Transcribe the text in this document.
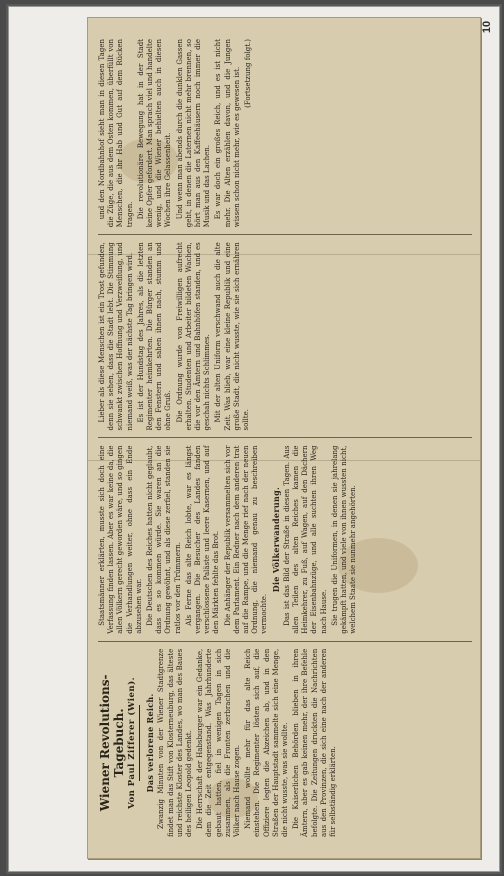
Wiener Revolutions-Tagebuch. Von Paul Zifferer (Wien). Das verlorene Reich. Zwanzig Minuten von der Wiener Stadtgrenze findet man das Stift von Klosterneuburg, das älteste und reichste Kloster des Landes, wo man des Baues des heiligen Leopold gedenkt. Die Herrschaft der Habsburger war ein Gedanke, dem die Zeit entgegenstand. Was Jahrhunderte gebaut hatten, fiel in wenigen Tagen in sich zusammen, als die Fronten zerbrachen und die Völker nach Hause zogen. Niemand wollte mehr für das alte Reich einstehen. Die Regimenter lösten sich auf, die Offiziere legten die Abzeichen ab, und in den Straßen der Hauptstadt sammelte sich eine Menge, die nicht wusste, was sie wollte. Die Kaiserlichen Behörden blieben in ihren Ämtern, aber es gab keinen mehr, der ihre Befehle befolgte. Die Zeitungen druckten die Nachrichten aus den Provinzen, die sich eine nach der anderen für selbständig erklärten.

Staatsmänner erklärten, musste sich doch eine Verfassung finden lassen. Aber es war keine da, die allen Völkern gerecht geworden wäre, und so gingen die Verhandlungen weiter, ohne dass ein Ende abzusehen war. Die Deutschen des Reiches hatten nicht geglaubt, dass es so kommen würde. Sie waren an die Ordnung gewöhnt, und als diese zerfiel, standen sie ratlos vor den Trümmern. Als Ferne das alte Reich lobte, war es längst vergangen. Die Besucher des Landes fanden verschlossene Paläste und leere Kasernen, und auf den Märkten fehlte das Brot. Die Anhänger der Republik versammelten sich vor dem Parlament. Ein Redner nach dem anderen trat auf die Rampe, und die Menge rief nach der neuen Ordnung, die niemand genau zu beschreiben vermochte.

Die Völkerwanderung. Das ist das Bild der Straße in diesen Tagen. Aus allen Teilen des alten Reiches kamen die Heimkehrer, zu Fuß, auf Wagen, auf den Dächern der Eisenbahnzüge, und alle suchten ihren Weg nach Hause. Sie trugen die Uniformen, in denen sie jahrelang gekämpft hatten, und viele von ihnen wussten nicht, welchem Staate sie nunmehr angehörten.

Lieber als diese Menschen ist ein Trost gefunden, denn sie sehen, dass die Stadt lebt. Die Stimmung schwankt zwischen Hoffnung und Verzweiflung, und niemand weiß, was der nächste Tag bringen wird. Es ist der Hundstag des Jahres, als die letzten Regimenter heimkehrten. Die Bürger standen an den Fenstern und sahen ihnen nach, stumm und ohne Gruß. Die Ordnung wurde von Freiwilligen aufrecht erhalten. Studenten und Arbeiter bildeten Wachen, die vor den Ämtern und Bahnhöfen standen, und es geschah nichts Schlimmes. Mit der alten Uniform verschwand auch die alte Zeit. Was blieb, war eine kleine Republik und eine große Stadt, die nicht wusste, wie sie sich ernähren sollte.

und den Nordbahnhof sieht man in diesen Tagen die Züge, die aus dem Osten kommen, überfüllt von Menschen, die ihr Hab und Gut auf dem Rücken tragen. Die revolutionäre Bewegung hat in der Stadt keine Opfer gefordert. Man sprach viel und handelte wenig, und die Wiener behielten auch in diesen Wochen ihre Gelassenheit. Und wenn man abends durch die dunklen Gassen geht, in denen die Laternen nicht mehr brennen, so hört man aus den Kaffeehäusern noch immer die Musik und das Lachen. Es war doch ein großes Reich, und es ist nicht mehr. Die Alten erzählen davon, und die Jungen wissen schon nicht mehr, wie es gewesen ist. (Fortsetzung folgt.)

10
